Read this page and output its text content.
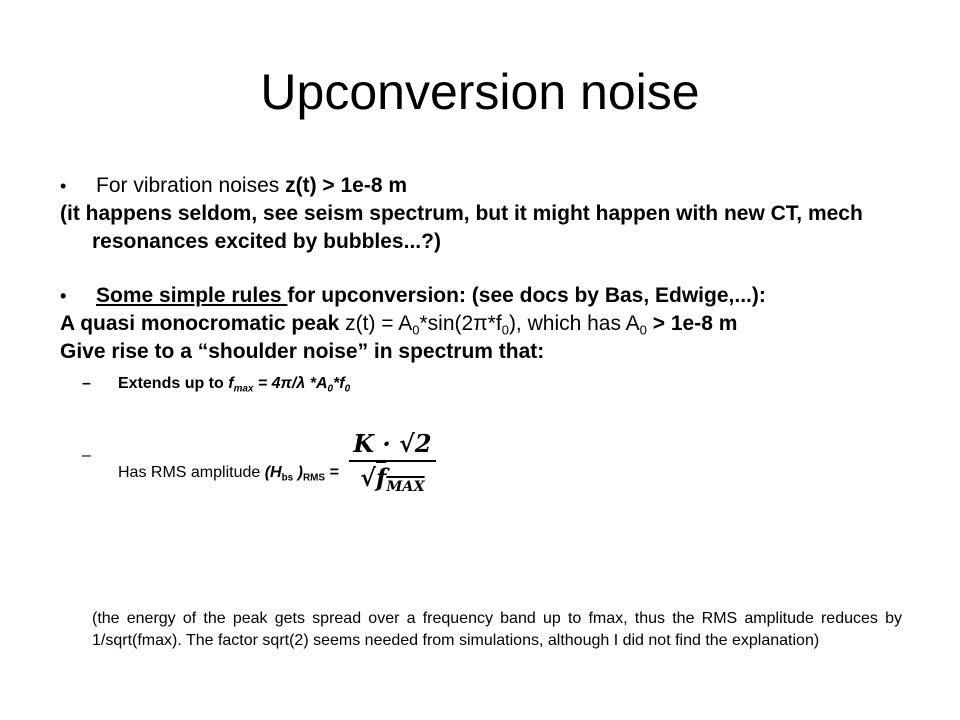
Upconversion noise

• For vibration noises z(t) > 1e-8 m

(it happens seldom, see seism spectrum, but it might happen with new CT, mech resonances excited by bubbles...?)

• Some simple rules for upconversion: (see docs by Bas, Edwige,...):

A quasi monocromatic peak $z(t) = A_0*\sin(2\pi*f_0)$, which has $A_0 > 1e-8$ m

Give rise to a “shoulder noise” in spectrum that:

– Extends up to $f_{max} = 4\pi/\lambda$ $*A_0*f_0$

–
Has RMS amplitude ($H_{bs}$ )$_{RMS} = \frac{K \cdot √2}{√f_{MAX}}$

(the energy of the peak gets spread over a frequency band up to fmax, thus the RMS amplitude reduces by 1/sqrt(fmax). The factor sqrt(2) seems needed from simulations, although I did not find the explanation)
